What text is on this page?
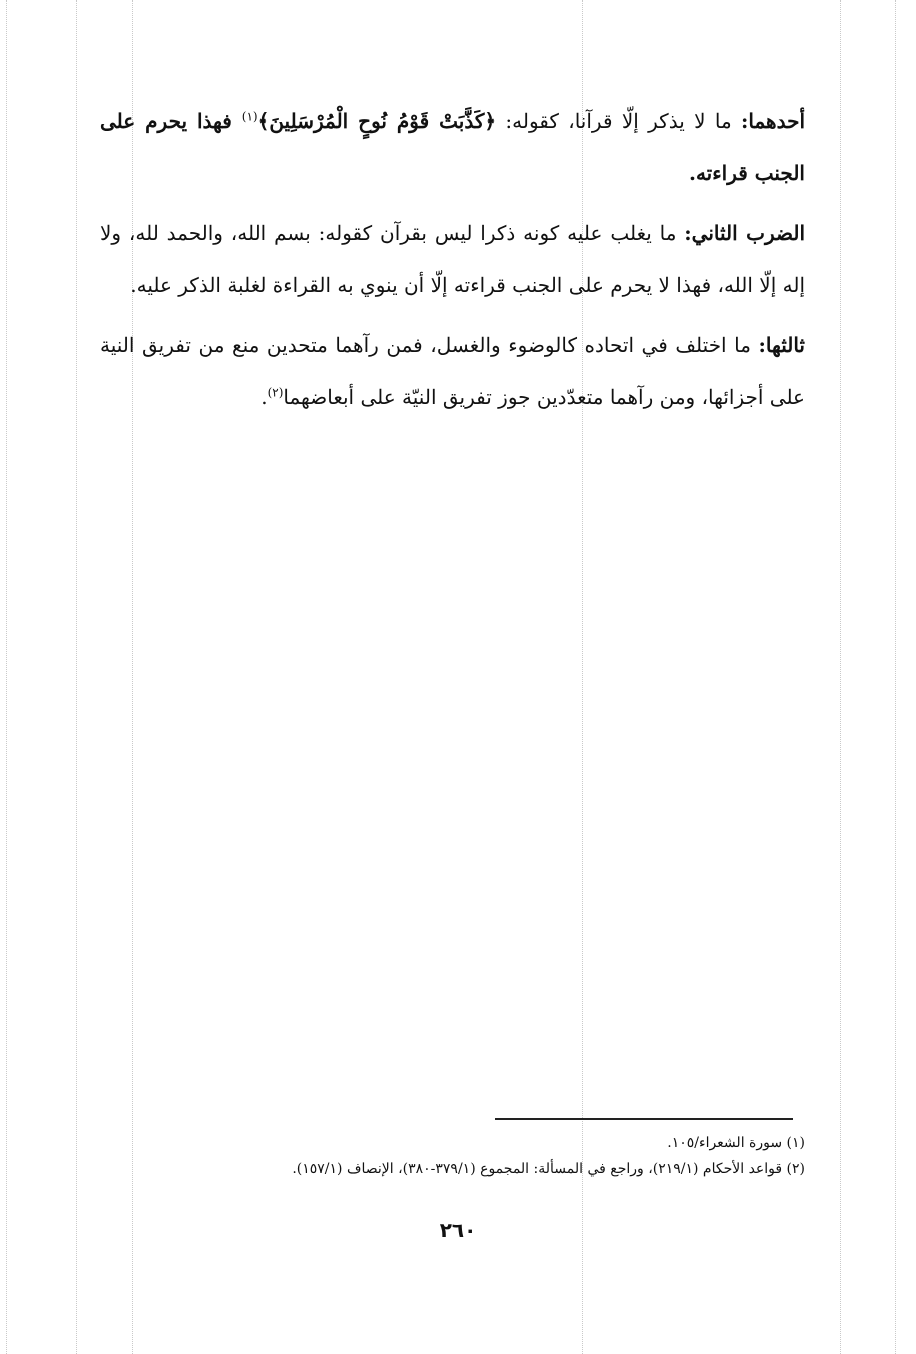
أحدهما: ما لا يذكر إلّا قرآنا، كقوله: ﴿كَذَّبَتْ قَوْمُ نُوحٍ الْمُرْسَلِينَ﴾$^{(١)}$ فهذا يحرم على الجنب قراءته.

الضرب الثاني: ما يغلب عليه كونه ذكرا ليس بقرآن كقوله: بسم الله، والحمد لله، ولا إله إلّا الله، فهذا لا يحرم على الجنب قراءته إلّا أن ينوي به القراءة لغلبة الذكر عليه.

ثالثها: ما اختلف في اتحاده كالوضوء والغسل، فمن رآهما متحدين منع من تفريق النية على أجزائها، ومن رآهما متعدّدين جوز تفريق النيّة على أبعاضهما$^{(٢)}$.

(١) سورة الشعراء/١٠٥.

(٢) قواعد الأحكام (٢١٩/١)، وراجع في المسألة: المجموع (٣٧٩/١-٣٨٠)، الإنصاف (١٥٧/١).

٢٦٠
